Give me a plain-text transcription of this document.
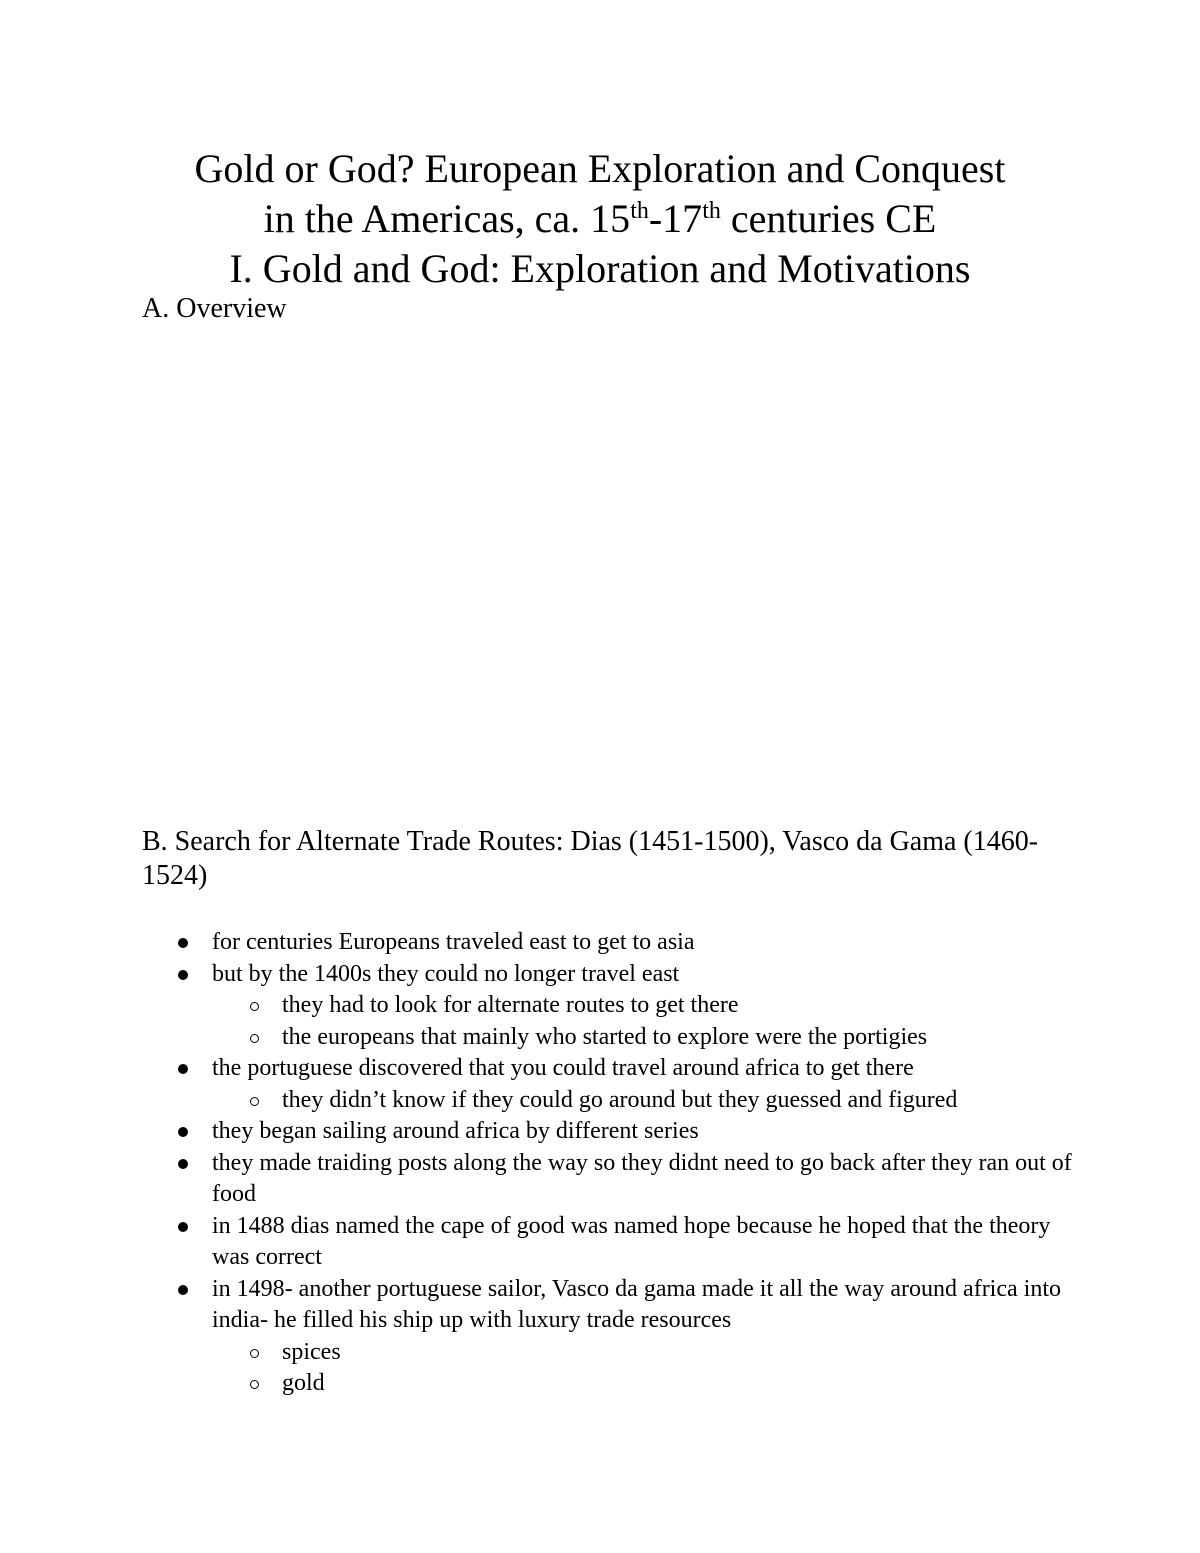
Gold or God? European Exploration and Conquest
in the Americas, ca. 15th-17th centuries CE
I. Gold and God: Exploration and Motivations
A. Overview
B. Search for Alternate Trade Routes: Dias (1451-1500), Vasco da Gama (1460-1524)
for centuries Europeans traveled east to get to asia
but by the 1400s they could no longer travel east
they had to look for alternate routes to get there
the europeans that mainly who started to explore were the portigies
the portuguese discovered that you could travel around africa to get there
they didn’t know if they could go around but they guessed and figured
they began sailing around africa by different series
they made traiding posts along the way so they didnt need to go back after they ran out of food
in 1488 dias named the cape of good was named hope because he hoped that the theory was correct
in 1498- another portuguese sailor, Vasco da gama made it all the way around africa into india- he filled his ship up with luxury trade resources
spices
gold
